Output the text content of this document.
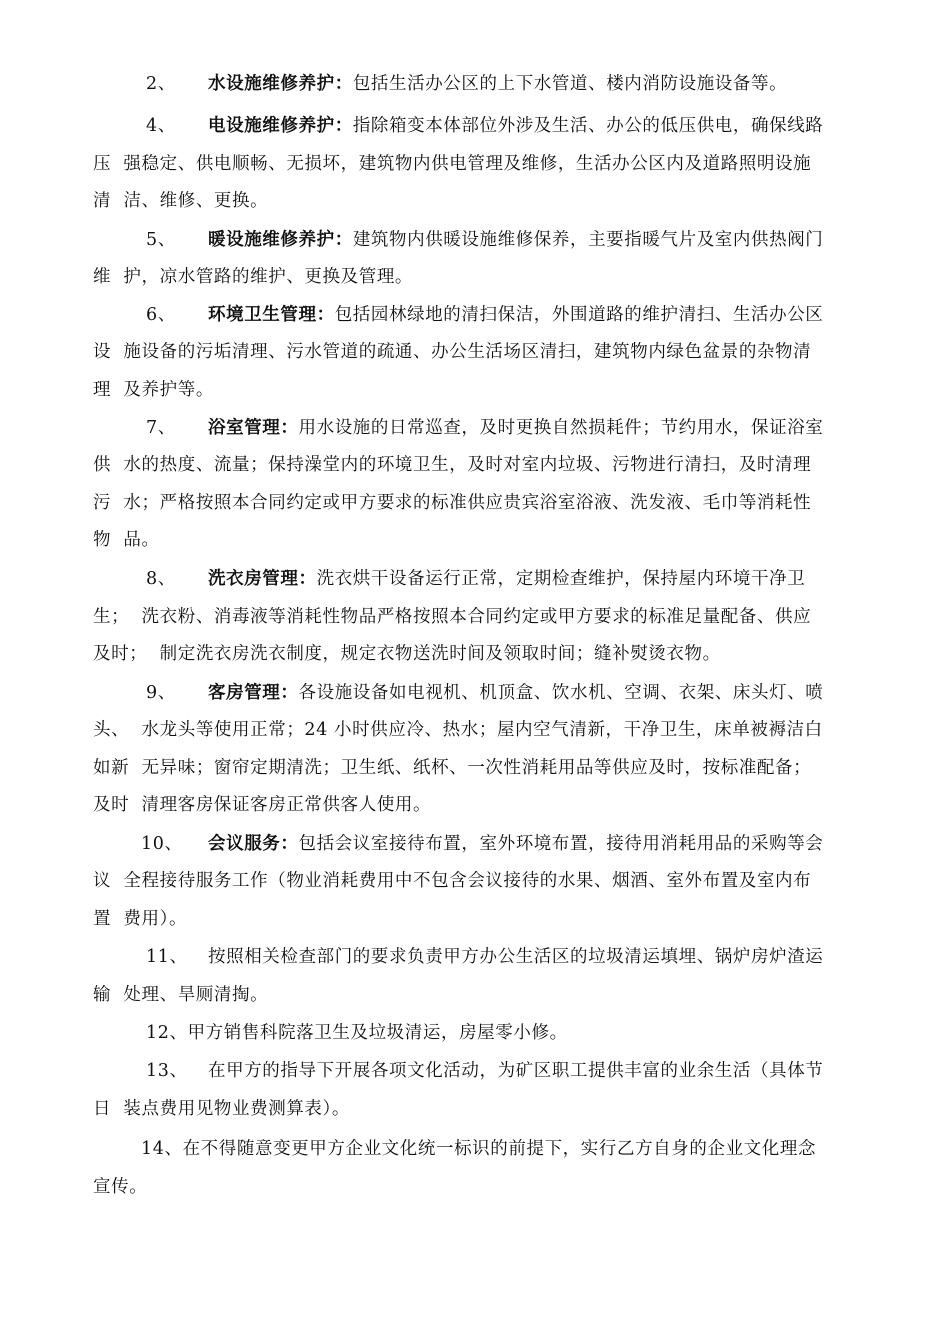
2、 水设施维修养护：包括生活办公区的上下水管道、楼内消防设施设备等。
4、 电设施维修养护：指除箱变本体部位外涉及生活、办公的低压供电，确保线路
压  强稳定、供电顺畅、无损坏，建筑物内供电管理及维修，生活办公区内及道路照明设施
清  洁、维修、更换。
5、 暖设施维修养护：建筑物内供暖设施维修保养，主要指暖气片及室内供热阀门
维  护，凉水管路的维护、更换及管理。
6、 环境卫生管理：包括园林绿地的清扫保洁，外围道路的维护清扫、生活办公区
设  施设备的污垢清理、污水管道的疏通、办公生活场区清扫，建筑物内绿色盆景的杂物清
理  及养护等。
7、 浴室管理：用水设施的日常巡查，及时更换自然损耗件；节约用水，保证浴室
供  水的热度、流量；保持澡堂内的环境卫生，及时对室内垃圾、污物进行清扫，及时清理
污  水；严格按照本合同约定或甲方要求的标准供应贵宾浴室浴液、洗发液、毛巾等消耗性
物  品。
8、 洗衣房管理：洗衣烘干设备运行正常，定期检查维护，保持屋内环境干净卫
生；  洗衣粉、消毒液等消耗性物品严格按照本合同约定或甲方要求的标准足量配备、供应
及时；  制定洗衣房洗衣制度，规定衣物送洗时间及领取时间；缝补熨烫衣物。
9、 客房管理：各设施设备如电视机、机顶盒、饮水机、空调、衣架、床头灯、喷
头、  水龙头等使用正常；24 小时供应冷、热水；屋内空气清新，干净卫生，床单被褥洁白
如新  无异味；窗帘定期清洗；卫生纸、纸杯、一次性消耗用品等供应及时，按标准配备；
及时  清理客房保证客房正常供客人使用。
10、 会议服务：包括会议室接待布置，室外环境布置，接待用消耗用品的采购等会
议  全程接待服务工作（物业消耗费用中不包含会议接待的水果、烟酒、室外布置及室内布
置  费用）。
11、 按照相关检查部门的要求负责甲方办公生活区的垃圾清运填埋、锅炉房炉渣运
输  处理、旱厕清掏。
12、甲方销售科院落卫生及垃圾清运，房屋零小修。
13、 在甲方的指导下开展各项文化活动，为矿区职工提供丰富的业余生活（具体节
日  装点费用见物业费测算表）。
14、在不得随意变更甲方企业文化统一标识的前提下，实行乙方自身的企业文化理念
宣传。
